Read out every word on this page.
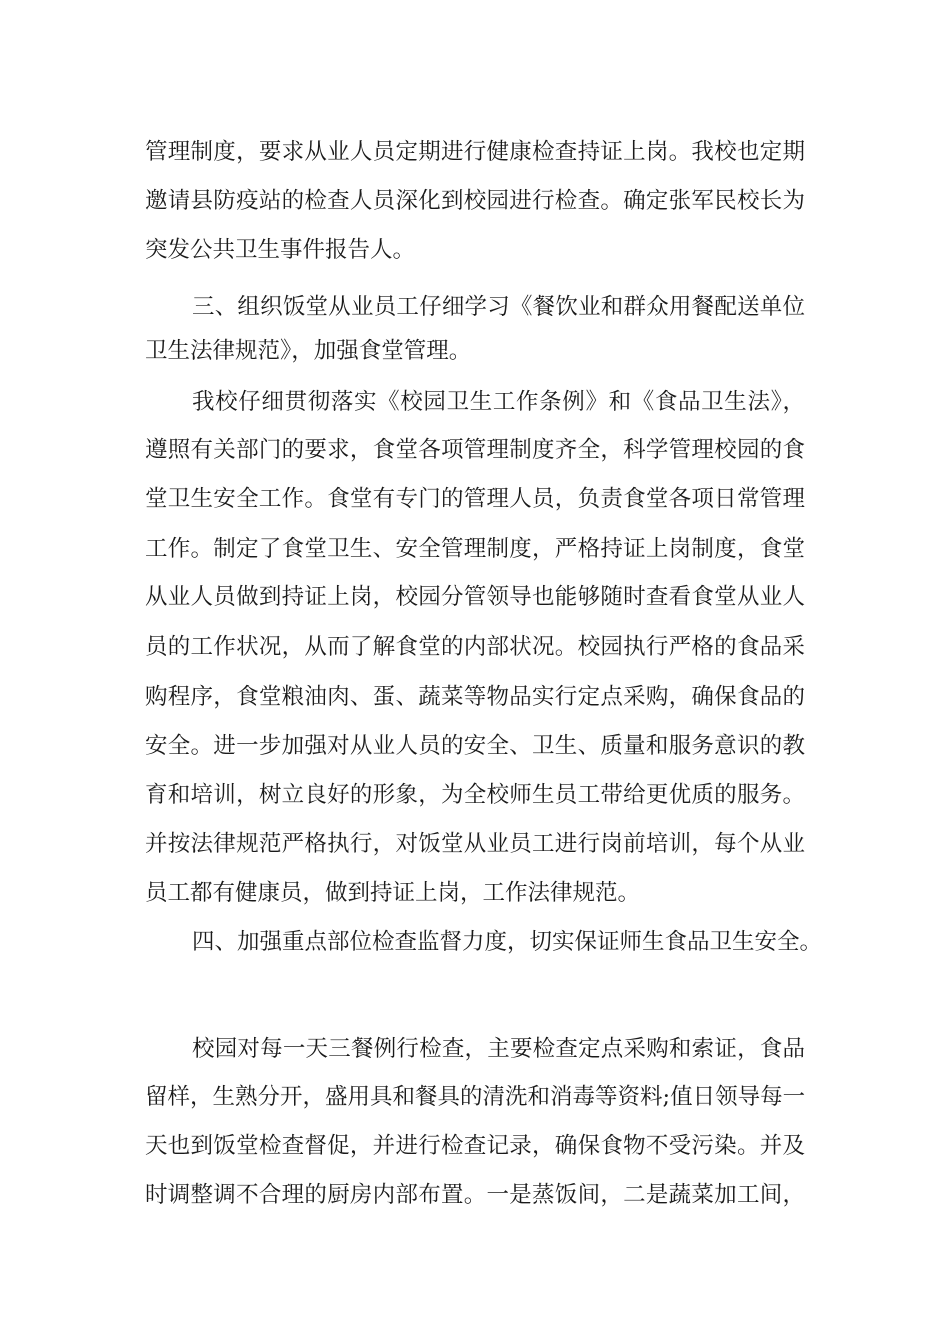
管理制度，要求从业人员定期进行健康检查持证上岗。我校也定期
邀请县防疫站的检查人员深化到校园进行检查。确定张军民校长为
突发公共卫生事件报告人。
三、组织饭堂从业员工仔细学习《餐饮业和群众用餐配送单位
卫生法律规范》，加强食堂管理。
我校仔细贯彻落实《校园卫生工作条例》和《食品卫生法》，
遵照有关部门的要求，食堂各项管理制度齐全，科学管理校园的食
堂卫生安全工作。食堂有专门的管理人员，负责食堂各项日常管理
工作。制定了食堂卫生、安全管理制度，严格持证上岗制度，食堂
从业人员做到持证上岗，校园分管领导也能够随时查看食堂从业人
员的工作状况，从而了解食堂的内部状况。校园执行严格的食品采
购程序，食堂粮油肉、蛋、蔬菜等物品实行定点采购，确保食品的
安全。进一步加强对从业人员的安全、卫生、质量和服务意识的教
育和培训，树立良好的形象，为全校师生员工带给更优质的服务。
并按法律规范严格执行，对饭堂从业员工进行岗前培训，每个从业
员工都有健康员，做到持证上岗，工作法律规范。
四、加强重点部位检查监督力度，切实保证师生食品卫生安全。
校园对每一天三餐例行检查，主要检查定点采购和索证，食品
留样，生熟分开，盛用具和餐具的清洗和消毒等资料;值日领导每一
天也到饭堂检查督促，并进行检查记录，确保食物不受污染。并及
时调整调不合理的厨房内部布置。一是蒸饭间，二是蔬菜加工间，
